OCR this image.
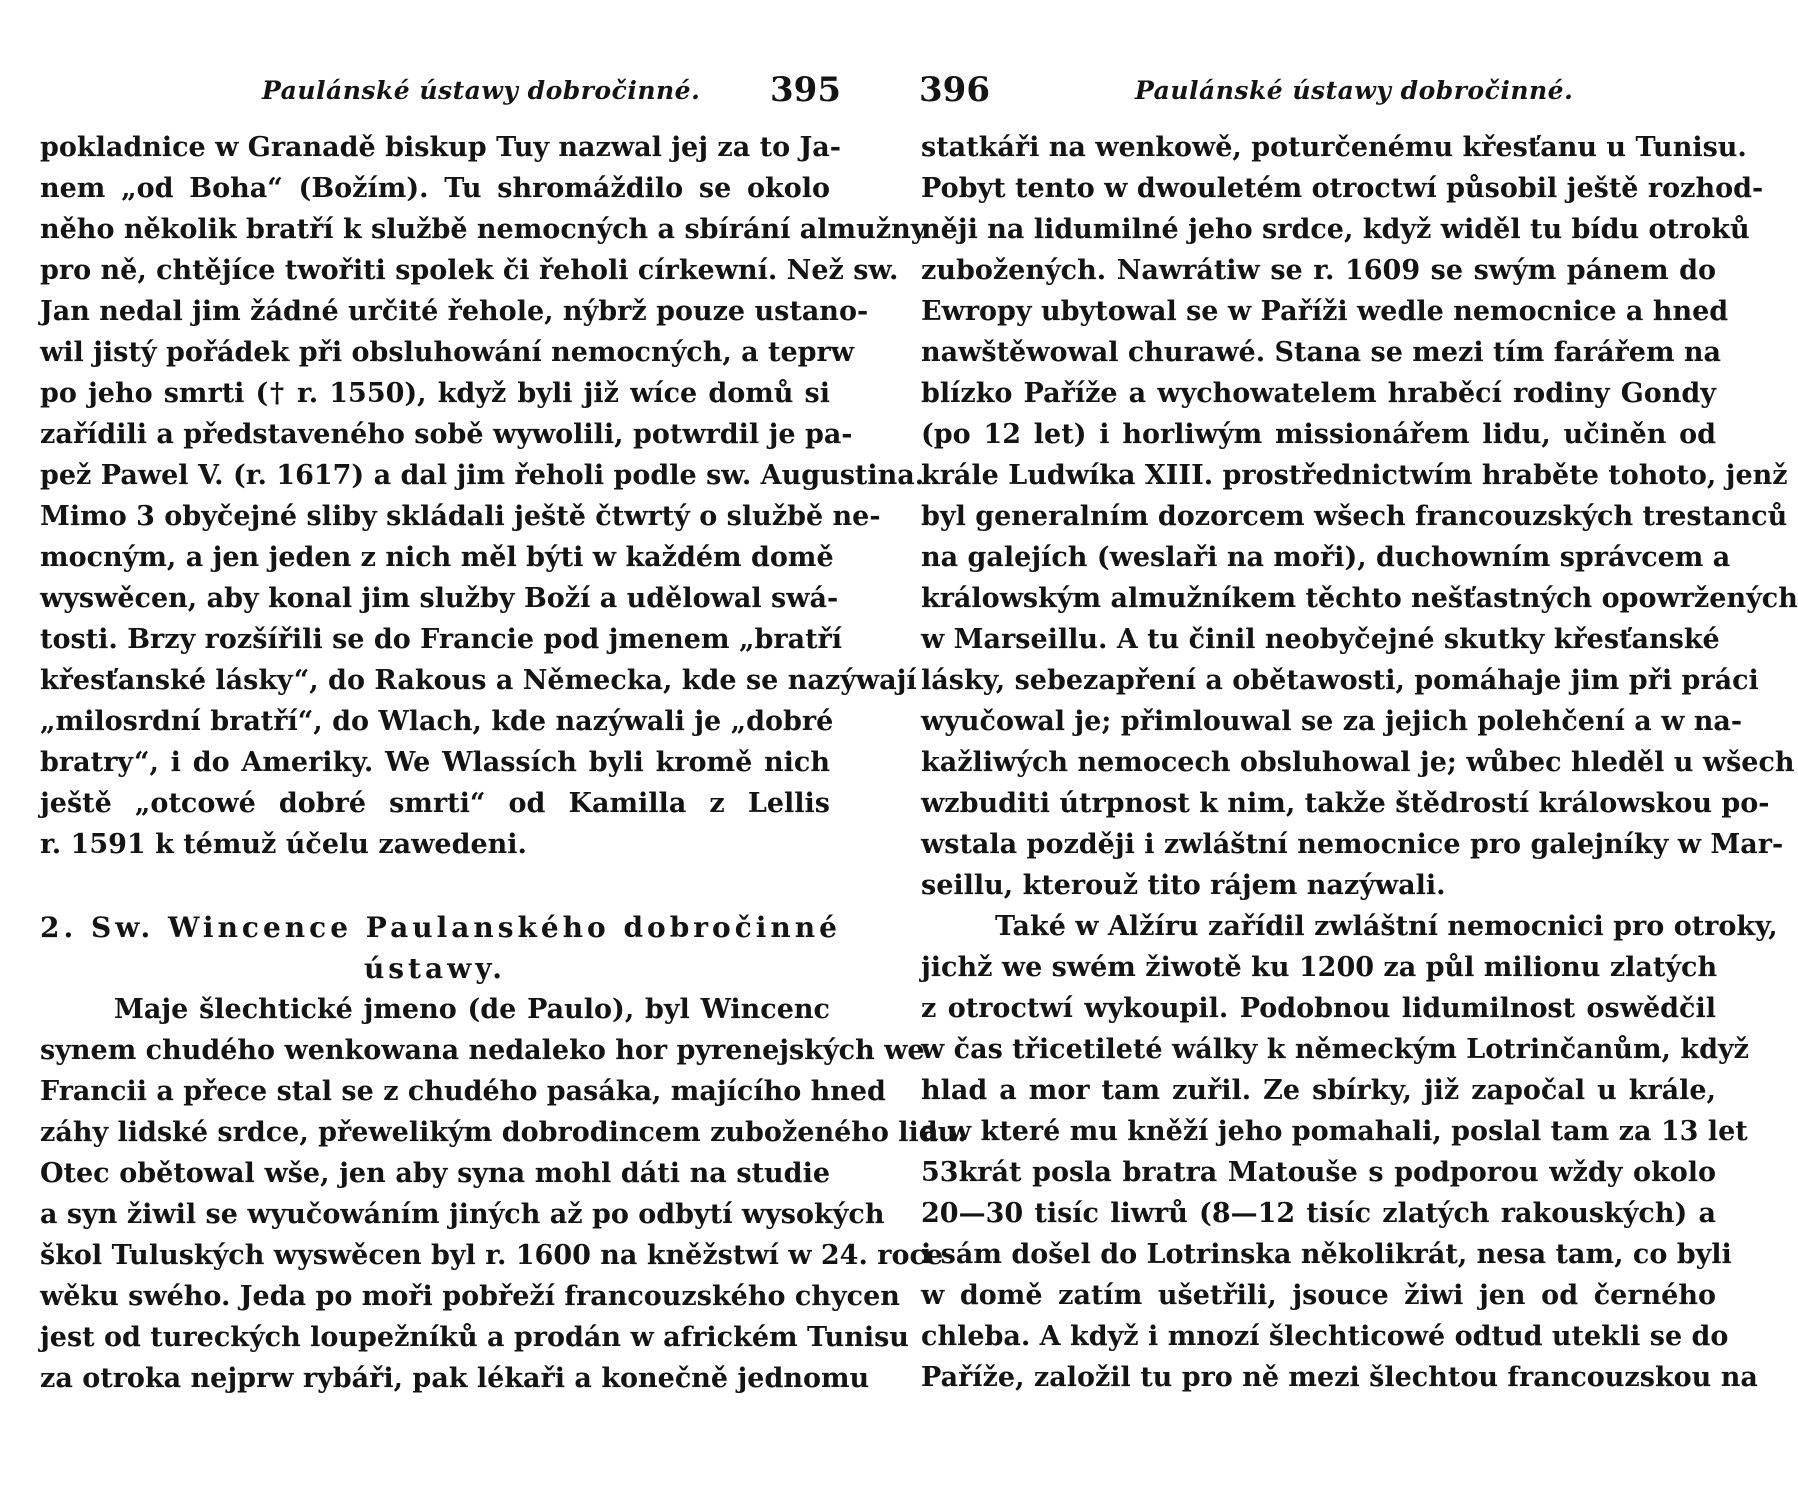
Paulánské ústawy dobročinné. 395
pokladnice w Granadě biskup Tuy nazwal jej za to Ja-
nem „od Boha“ (Božím). Tu shromáždilo se okolo
něho několik bratří k službě nemocných a sbírání almužny
pro ně, chtějíce twořiti spolek či řeholi církewní. Než sw.
Jan nedal jim žádné určité řehole, nýbrž pouze ustano-
wil jistý pořádek při obsluhowání nemocných, a teprw
po jeho smrti († r. 1550), když byli již wíce domů si
zařídili a představeného sobě wywolili, potwrdil je pa-
pež Pawel V. (r. 1617) a dal jim řeholi podle sw. Augustina.
Mimo 3 obyčejné sliby skládali ještě čtwrtý o službě ne-
mocným, a jen jeden z nich měl býti w každém domě
wyswěcen, aby konal jim služby Boží a udělowal swá-
tosti. Brzy rozšířili se do Francie pod jmenem „bratří
křesťanské lásky“, do Rakous a Německa, kde se nazýwají
„milosrdní bratří“, do Wlach, kde nazýwali je „dobré
bratry“, i do Ameriky. We Wlassích byli kromě nich
ještě „otcowé dobré smrti“ od Kamilla z Lellis
r. 1591 k témuž účelu zawedeni.
2. Sw. Wincence Paulanského dobročinné
ústawy.
Maje šlechtické jmeno (de Paulo), byl Wincenc
synem chudého wenkowana nedaleko hor pyrenejských we
Francii a přece stal se z chudého pasáka, majícího hned
záhy lidské srdce, přewelikým dobrodincem zuboženého lidu.
Otec obětowal wše, jen aby syna mohl dáti na studie
a syn žiwil se wyučowáním jiných až po odbytí wysokých
škol Tuluských wyswěcen byl r. 1600 na kněžstwí w 24. roce
wěku swého. Jeda po moři pobřeží francouzského chycen
jest od tureckých loupežníků a prodán w africkém Tunisu
za otroka nejprw rybáři, pak lékaři a konečně jednomu
396	Paulánské ústawy dobročinné.
statkáři na wenkowě, poturčenému křesťanu u Tunisu.
Pobyt tento w dwouletém otroctwí působil ještě rozhod-
něji na lidumilné jeho srdce, když widěl tu bídu otroků
zubožených. Nawrátiw se r. 1609 se swým pánem do
Ewropy ubytowal se w Paříži wedle nemocnice a hned
nawštěwowal churawé. Stana se mezi tím farářem na
blízko Paříže a wychowatelem hraběcí rodiny Gondy
(po 12 let) i horliwým missionářem lidu, učiněn od
krále Ludwíka XIII. prostřednictwím hraběte tohoto, jenž
byl generalním dozorcem wšech francouzských trestanců
na galejích (weslaři na moři), duchowním správcem a
králowským almužníkem těchto nešťastných opowržených
w Marseillu. A tu činil neobyčejné skutky křesťanské
lásky, sebezapření a obětawosti, pomáhaje jim při práci
wyučowal je; přimlouwal se za jejich polehčení a w na-
kažliwých nemocech obsluhowal je; wůbec hleděl u wšech
wzbuditi útrpnost k nim, takže štědrostí králowskou po-
wstala později i zwláštní nemocnice pro galejníky w Mar-
seillu, kterouž tito rájem nazýwali.
Také w Alžíru zařídil zwláštní nemocnici pro otroky,
jichž we swém žiwotě ku 1200 za půl milionu zlatých
z otroctwí wykoupil. Podobnou lidumilnost oswědčil
w čas třicetileté wálky k německým Lotrinčanům, když
hlad a mor tam zuřil. Ze sbírky, již započal u krále,
a w které mu kněží jeho pomahali, poslal tam za 13 let
53krát posla bratra Matouše s podporou wždy okolo
20—30 tisíc liwrů (8—12 tisíc zlatých rakouských) a
i sám došel do Lotrinska několikrát, nesa tam, co byli
w domě zatím ušetřili, jsouce žiwi jen od černého
chleba. A když i mnozí šlechticowé odtud utekli se do
Paříže, založil tu pro ně mezi šlechtou francouzskou na
